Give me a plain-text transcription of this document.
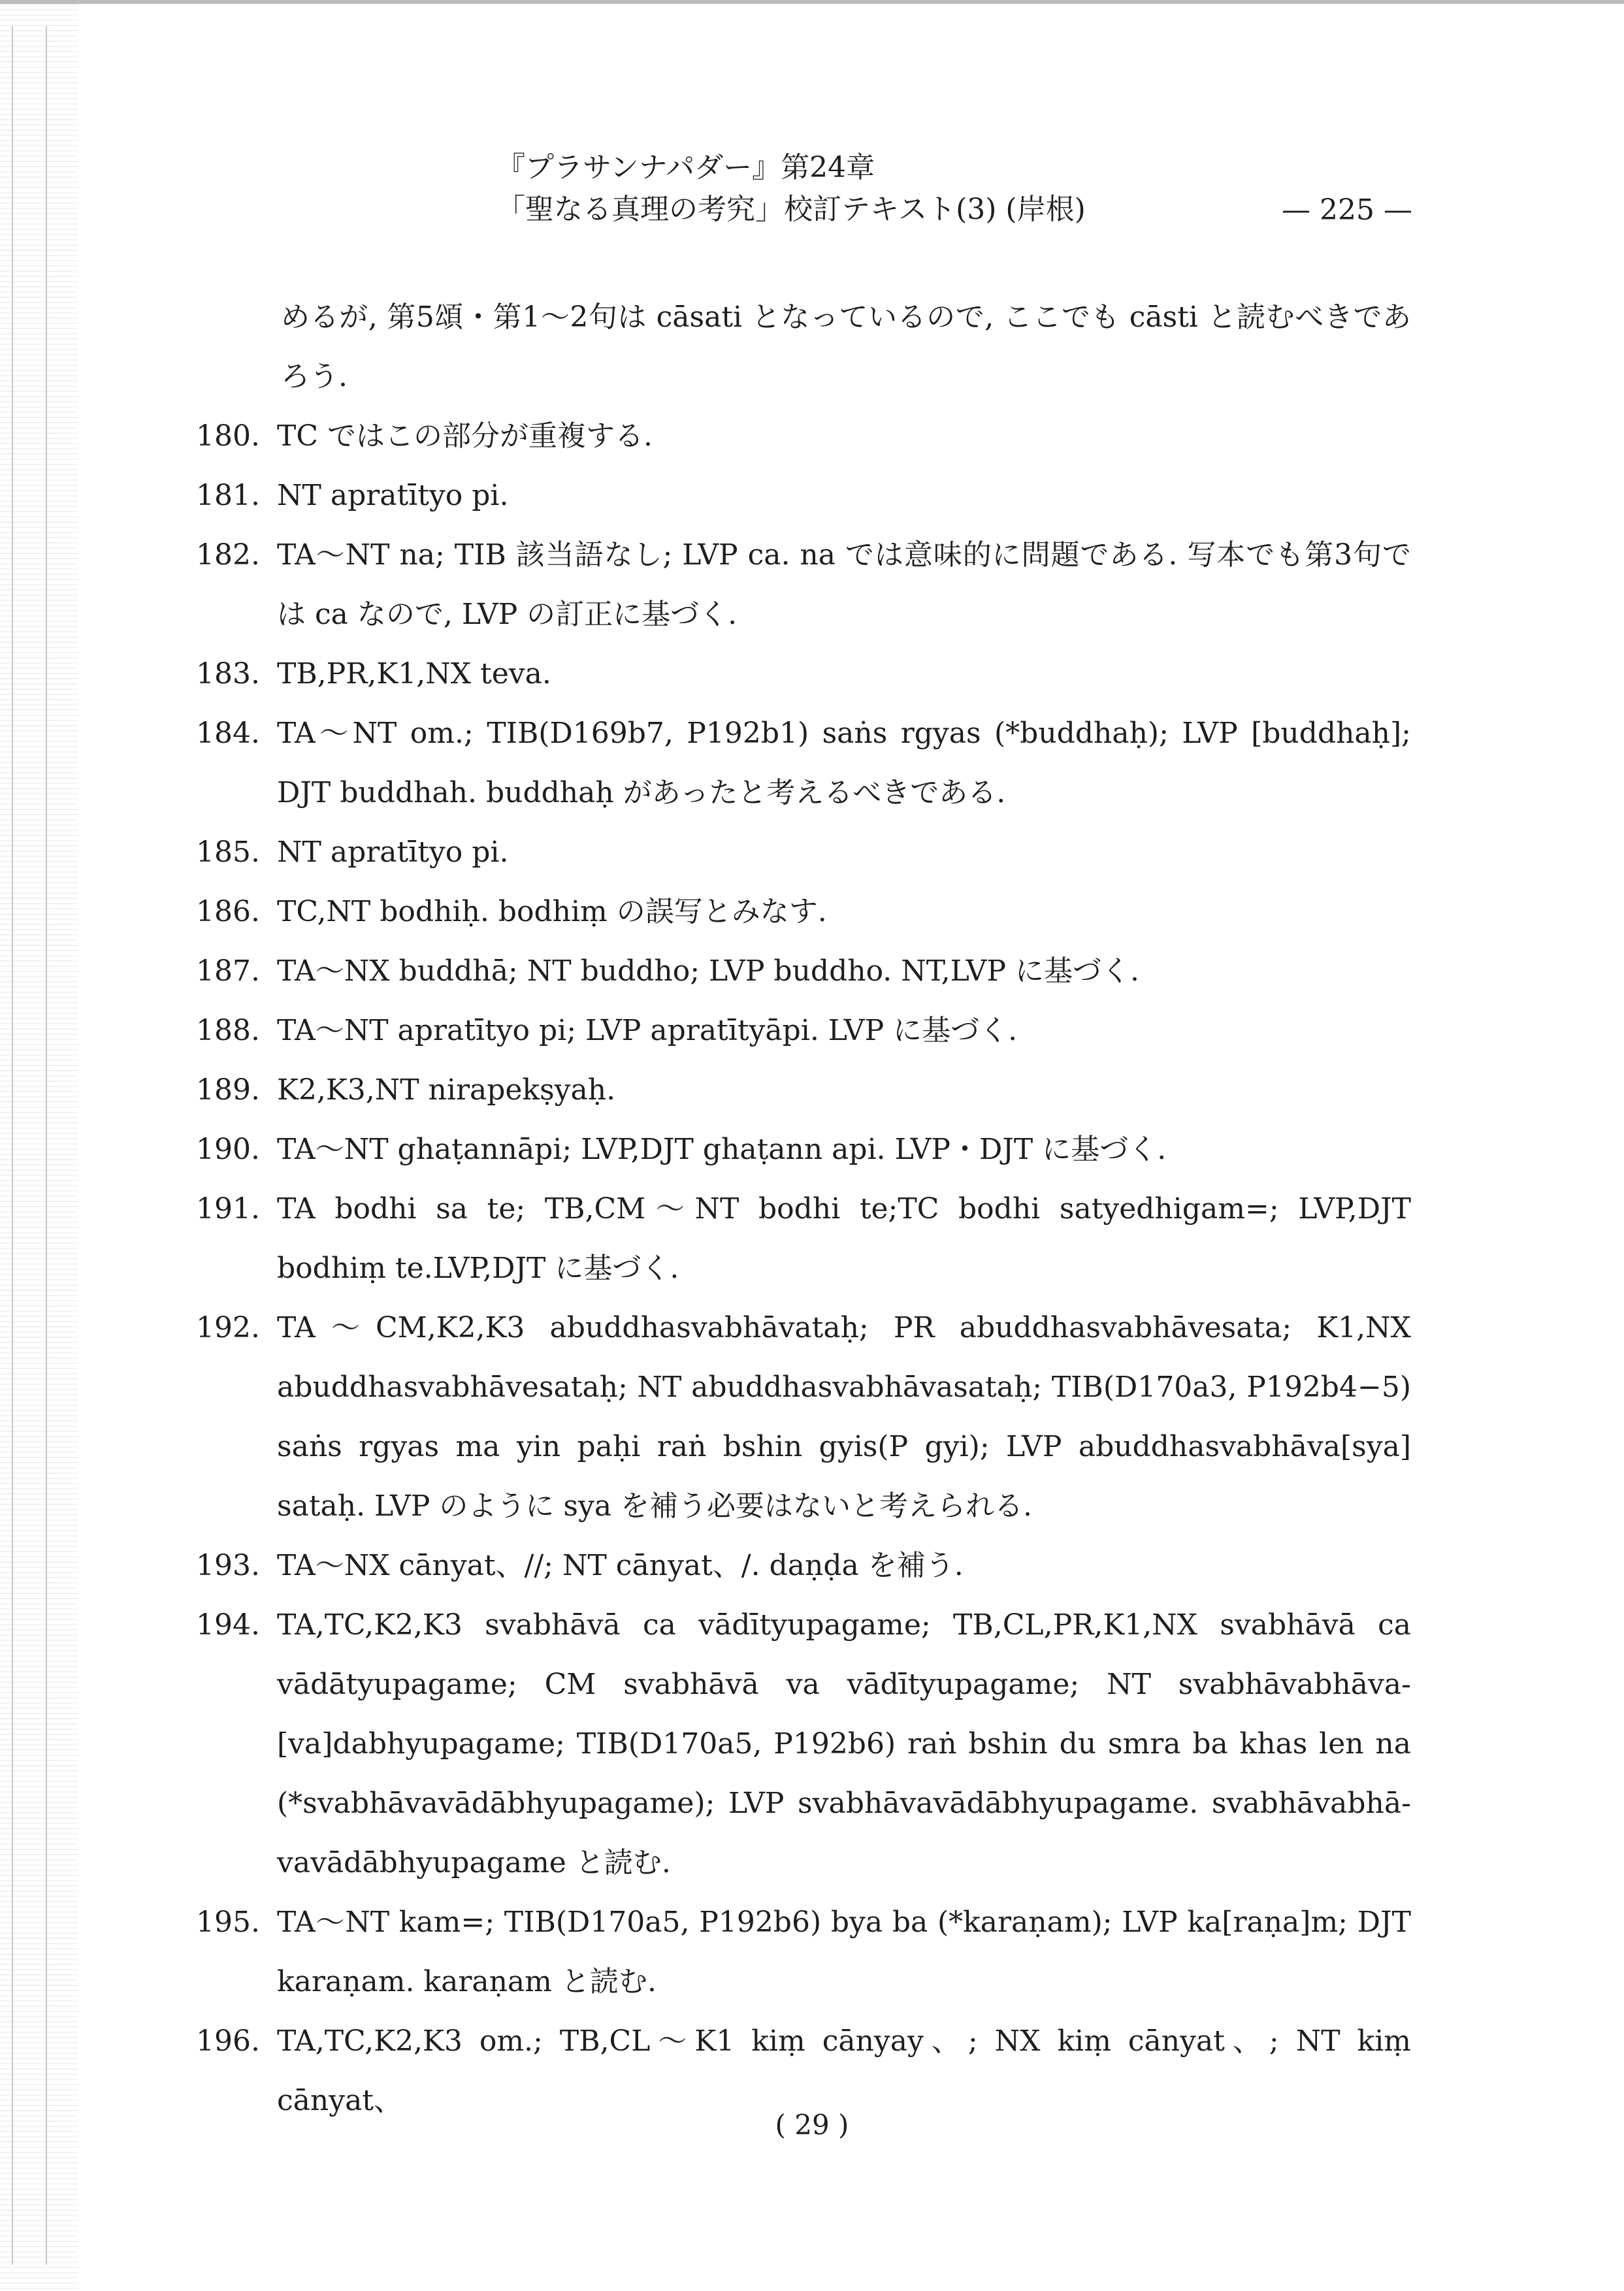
『プラサンナパダー』第24章
「聖なる真理の考究」校訂テキスト(3) (岸根)	— 225 —
めるが, 第5頌・第1〜2句は cāsati となっているので, ここでも cāsti と読むべきであろう.
180. TC ではこの部分が重複する.
181. NT apratītyo pi.
182. TA〜NT na; TIB 該当語なし; LVP ca. na では意味的に問題である. 写本でも第3句では ca なので, LVP の訂正に基づく.
183. TB,PR,K1,NX teva.
184. TA〜NT om.; TIB(D169b7, P192b1) saṅs rgyas (*buddhaḥ); LVP [buddhaḥ]; DJT buddhah. buddhaḥ があったと考えるべきである.
185. NT apratītyo pi.
186. TC,NT bodhiḥ. bodhiṃ の誤写とみなす.
187. TA〜NX buddhā; NT buddho; LVP buddho. NT,LVP に基づく.
188. TA〜NT apratītyo pi; LVP apratītyāpi. LVP に基づく.
189. K2,K3,NT nirapekṣyaḥ.
190. TA〜NT ghaṭannāpi; LVP,DJT ghaṭann api. LVP・DJT に基づく.
191. TA bodhi sa te; TB,CM〜NT bodhi te;TC bodhi satyedhigam=; LVP,DJT bodhiṃ te.LVP,DJT に基づく.
192. TA〜CM,K2,K3 abuddhasvabhāvataḥ; PR abuddhasvabhāvesata; K1,NX abuddhasvabhāvesataḥ; NT abuddhasvabhāvasataḥ; TIB(D170a3, P192b4−5) saṅs rgyas ma yin paḥi raṅ bshin gyis(P gyi); LVP abuddhasvabhāva[sya] sataḥ. LVP のように sya を補う必要はないと考えられる.
193. TA〜NX cānyat、//; NT cānyat、/. daṇḍa を補う.
194. TA,TC,K2,K3 svabhāvā ca vādītyupagame; TB,CL,PR,K1,NX svabhāvā ca vādātyupagame; CM svabhāvā va vādītyupagame; NT svabhāvabhāva-[va]dabhyupagame; TIB(D170a5, P192b6) raṅ bshin du smra ba khas len na (*svabhāvavādābhyupagame); LVP svabhāvavādābhyupagame. svabhāvabhā-vavādābhyupagame と読む.
195. TA〜NT kam=; TIB(D170a5, P192b6) bya ba (*karaṇam); LVP ka[raṇa]m; DJT karaṇam. karaṇam と読む.
196. TA,TC,K2,K3 om.; TB,CL〜K1 kiṃ cānyay、; NX kiṃ cānyat、; NT kiṃ cānyat、
( 29 )
